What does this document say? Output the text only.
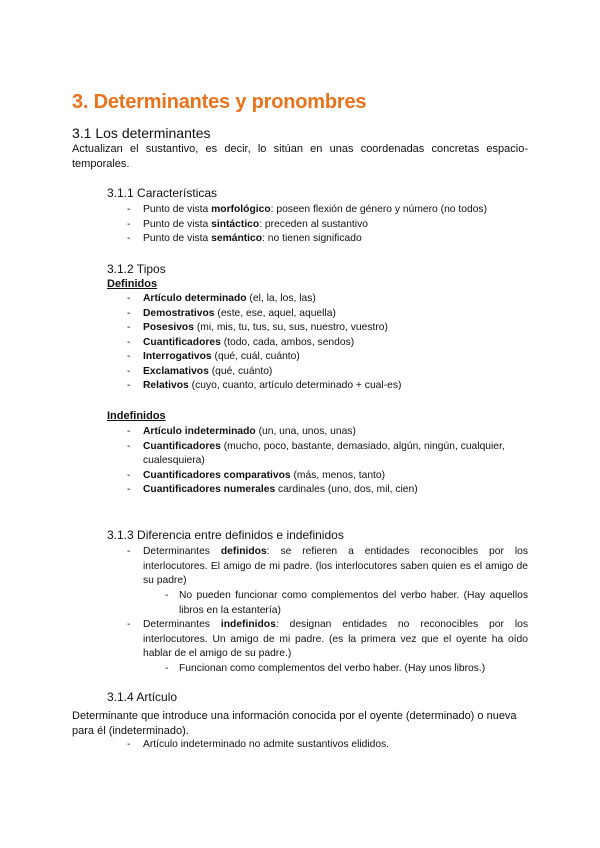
3. Determinantes y pronombres
3.1 Los determinantes

Actualizan el sustantivo, es decir, lo sitúan en unas coordenadas concretas espacio-temporales.

3.1.1 Características
- Punto de vista morfológico: poseen flexión de género y número (no todos)
- Punto de vista sintáctico: preceden al sustantivo
- Punto de vista semántico: no tienen significado
3.1.2 Tipos
Definidos
- Artículo determinado (el, la, los, las)
- Demostrativos (este, ese, aquel, aquella)
- Posesivos (mi, mis, tu, tus, su, sus, nuestro, vuestro)
- Cuantificadores (todo, cada, ambos, sendos)
- Interrogativos (qué, cuál, cuánto)
- Exclamativos (qué, cuánto)
- Relativos (cuyo, cuanto, artículo determinado + cual-es)
Indefinidos
- Artículo indeterminado (un, una, unos, unas)
- Cuantificadores (mucho, poco, bastante, demasiado, algún, ningún, cualquier, cualesquiera)
- Cuantificadores comparativos (más, menos, tanto)
- Cuantificadores numerales cardinales (uno, dos, mil, cien)
3.1.3 Diferencia entre definidos e indefinidos
- Determinantes definidos: se refieren a entidades reconocibles por los interlocutores. El amigo de mi padre. (los interlocutores saben quien es el amigo de su padre)
- No pueden funcionar como complementos del verbo haber. (Hay aquellos libros en la estantería)
- Determinantes indefinidos: designan entidades no reconocibles por los interlocutores. Un amigo de mi padre. (es la primera vez que el oyente ha oído hablar de el amigo de su padre.)
- Funcionan como complementos del verbo haber. (Hay unos libros.)
3.1.4 Artículo

Determinante que introduce una información conocida por el oyente (determinado) o nueva para él (indeterminado).

- Artículo indeterminado no admite sustantivos elididos.
